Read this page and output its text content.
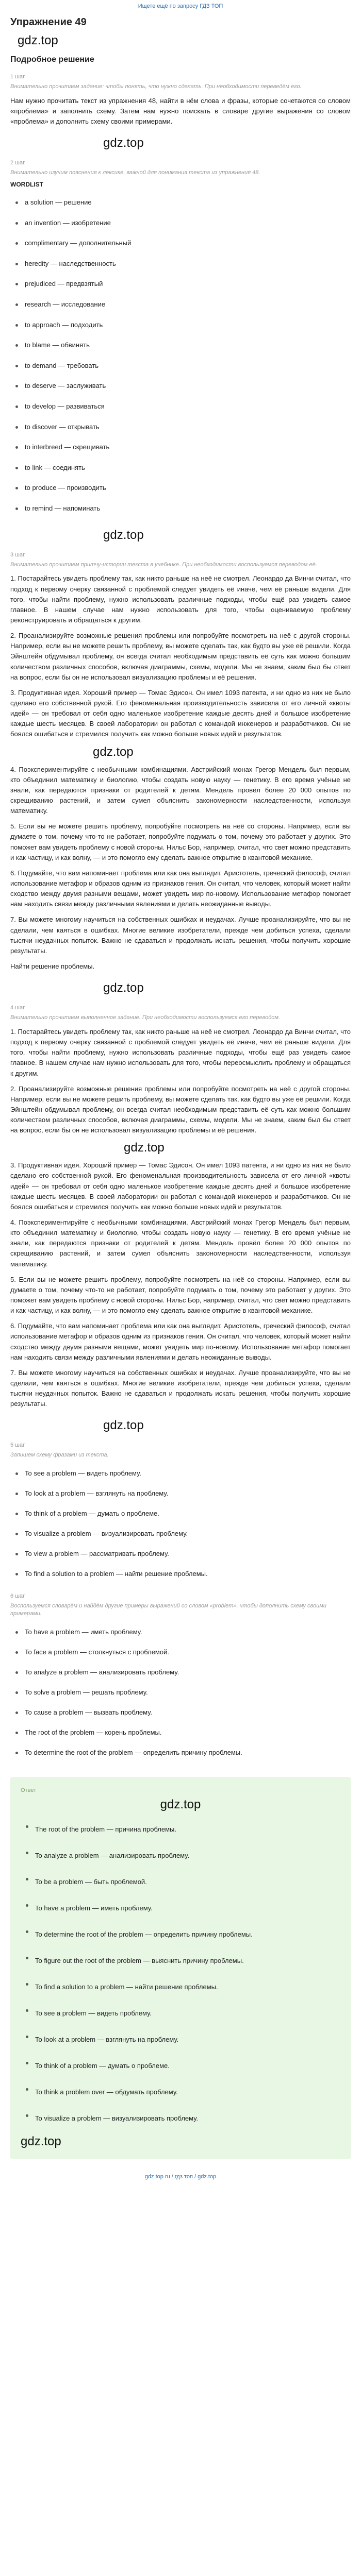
Ищете ещё по запросу ГДЗ ТОП
Упражнение 49
gdz.top
Подробное решение
1 шаг
Внимательно прочитаем задание: чтобы понять, что нужно сделать. При необходимости переведём его.
Нам нужно прочитать текст из упражнения 48, найти в нём слова и фразы, которые сочетаются со словом «проблема» и заполнить схему. Затем нам нужно поискать в словаре другие выражения со словом «проблема» и дополнить схему своими примерами.
gdz.top
2 шаг
Внимательно изучим пояснения к лексике, важной для понимания текста из упражнения 48.
WORDLIST
a solution — решение
an invention — изобретение
complimentary — дополнительный
heredity — наследственность
prejudiced — предвзятый
research — исследование
to approach — подходить
to blame — обвинять
to demand — требовать
to deserve — заслуживать
to develop — развиваться
to discover — открывать
to interbreed — скрещивать
to link — соединять
to produce — производить
to remind — напоминать
gdz.top
3 шаг
Внимательно прочитаем притчу-истории текста в учебнике. При необходимости воспользуемся переводом её.

1. Постарайтесь увидеть проблему так, как никто раньше на неё не смотрел. Леонардо да Винчи считал, что подход к первому очерку связанной с проблемой следует увидеть её иначе, чем её раньше видели. Для того, чтобы найти проблему, нужно использовать различные подходы, чтобы ещё раз увидеть самое главное. В нашем случае нам нужно использовать для того, чтобы оцениваемую проблему реконструировать и обращаться к другим.

2. Проанализируйте возможные решения проблемы или попробуйте посмотреть на неё с другой стороны. Например, если вы не можете решить проблему, вы можете сделать так, как будто вы уже её решили. Когда Эйнштейн обдумывал проблему, он всегда считал необходимым представить её суть как можно большим количеством различных способов, включая диаграммы, схемы, модели. Мы не знаем, каким был бы ответ на вопрос, если бы он не использовал визуализацию проблемы и её решения.

3. Продуктивная идея. Хороший пример — Томас Эдисон. Он имел 1093 патента, и ни одно из них не было сделано его собственной рукой. Его феноменальная производительность зависела от его личной «квоты идей» — он требовал от себя одно маленькое изобретение каждые десять дней и большое изобретение каждые шесть месяцев. В своей лаборатории он работал с командой инженеров и разработчиков. Он не боялся ошибаться и стремился получить как можно больше новых идей и результатов.

gdz.top

4. Поэкспериментируйте с необычными комбинациями. Австрийский монах Грегор Мендель был первым, кто объединил математику и биологию, чтобы создать новую науку — генетику. В его время учёные не знали, как передаются признаки от родителей к детям. Мендель провёл более 20 000 опытов по скрещиванию растений, и затем сумел объяснить закономерности наследственности, используя математику.

5. Если вы не можете решить проблему, попробуйте посмотреть на неё со стороны. Например, если вы думаете о том, почему что-то не работает, попробуйте подумать о том, почему это работает у других. Это поможет вам увидеть проблему с новой стороны. Нильс Бор, например, считал, что свет можно представить и как частицу, и как волну, — и это помогло ему сделать важное открытие в квантовой механике.

6. Подумайте, что вам напоминает проблема или как она выглядит. Аристотель, греческий философ, считал использование метафор и образов одним из признаков гения. Он считал, что человек, который может найти сходство между двумя разными вещами, может увидеть мир по-новому. Использование метафор помогает нам находить связи между различными явлениями и делать неожиданные выводы.

7. Вы можете многому научиться на собственных ошибках и неудачах. Лучше проанализируйте, что вы не сделали, чем каяться в ошибках. Многие великие изобретатели, прежде чем добиться успеха, сделали тысячи неудачных попыток. Важно не сдаваться и продолжать искать решения, чтобы получить хорошие результаты.

Найти решение проблемы.
gdz.top
4 шаг
Внимательно прочитаем выполненное задание. При необходимости воспользуемся его переводом.

1. Постарайтесь увидеть проблему так, как никто раньше на неё не смотрел. Леонардо да Винчи считал, что подход к первому очерку связанной с проблемой следует увидеть её иначе, чем её раньше видели. Для того, чтобы найти проблему, нужно использовать различные подходы, чтобы ещё раз увидеть самое главное. В нашем случае нам нужно использовать для того, чтобы переосмыслить проблему и обращаться к другим.

2. Проанализируйте возможные решения проблемы или попробуйте посмотреть на неё с другой стороны. Например, если вы не можете решить проблему, вы можете сделать так, как будто вы уже её решили. Когда Эйнштейн обдумывал проблему, он всегда считал необходимым представить её суть как можно большим количеством различных способов, включая диаграммы, схемы, модели. Мы не знаем, каким был бы ответ на вопрос, если бы он не использовал визуализацию проблемы и её решения.

gdz.top

3. Продуктивная идея. Хороший пример — Томас Эдисон. Он имел 1093 патента, и ни одно из них не было сделано его собственной рукой. Его феноменальная производительность зависела от его личной «квоты идей» — он требовал от себя одно маленькое изобретение каждые десять дней и большое изобретение каждые шесть месяцев. В своей лаборатории он работал с командой инженеров и разработчиков. Он не боялся ошибаться и стремился получить как можно больше новых идей и результатов.

4. Поэкспериментируйте с необычными комбинациями. Австрийский монах Грегор Мендель был первым, кто объединил математику и биологию, чтобы создать новую науку — генетику. В его время учёные не знали, как передаются признаки от родителей к детям. Мендель провёл более 20 000 опытов по скрещиванию растений, и затем сумел объяснить закономерности наследственности, используя математику.

5. Если вы не можете решить проблему, попробуйте посмотреть на неё со стороны. Например, если вы думаете о том, почему что-то не работает, попробуйте подумать о том, почему это работает у других. Это поможет вам увидеть проблему с новой стороны. Нильс Бор, например, считал, что свет можно представить и как частицу, и как волну, — и это помогло ему сделать важное открытие в квантовой механике.

6. Подумайте, что вам напоминает проблема или как она выглядит. Аристотель, греческий философ, считал использование метафор и образов одним из признаков гения. Он считал, что человек, который может найти сходство между двумя разными вещами, может увидеть мир по-новому. Использование метафор помогает нам находить связи между различными явлениями и делать неожиданные выводы.

7. Вы можете многому научиться на собственных ошибках и неудачах. Лучше проанализируйте, что вы не сделали, чем каяться в ошибках. Многие великие изобретатели, прежде чем добиться успеха, сделали тысячи неудачных попыток. Важно не сдаваться и продолжать искать решения, чтобы получить хорошие результаты.

gdz.top
5 шаг
Запишем схему фразами из текста.
To see a problem — видеть проблему.
To look at a problem — взглянуть на проблему.
To think of a problem — думать о проблеме.
To visualize a problem — визуализировать проблему.
To view a problem — рассматривать проблему.
To find a solution to a problem — найти решение проблемы.
6 шаг
Воспользуемся словарём и найдём другие примеры выражений со словом «problem», чтобы дополнить схему своими примерами.
To have a problem — иметь проблему.
To face a problem — столкнуться с проблемой.
To analyze a problem — анализировать проблему.
To solve a problem — решать проблему.
To cause a problem — вызвать проблему.
The root of the problem — корень проблемы.
To determine the root of the problem — определить причину проблемы.
Ответ
gdz.top
The root of the problem — причина проблемы.
To analyze a problem — анализировать проблему.
To be a problem — быть проблемой.
To have a problem — иметь проблему.
To determine the root of the problem — определить причину проблемы.
To figure out the root of the problem — выяснить причину проблемы.
To find a solution to a problem — найти решение проблемы.
To see a problem — видеть проблему.
To look at a problem — взглянуть на проблему.
To think of a problem — думать о проблеме.
To think a problem over — обдумать проблему.
To visualize a problem — визуализировать проблему.
gdz.top
gdz top ru / гдз топ / gdz.top
